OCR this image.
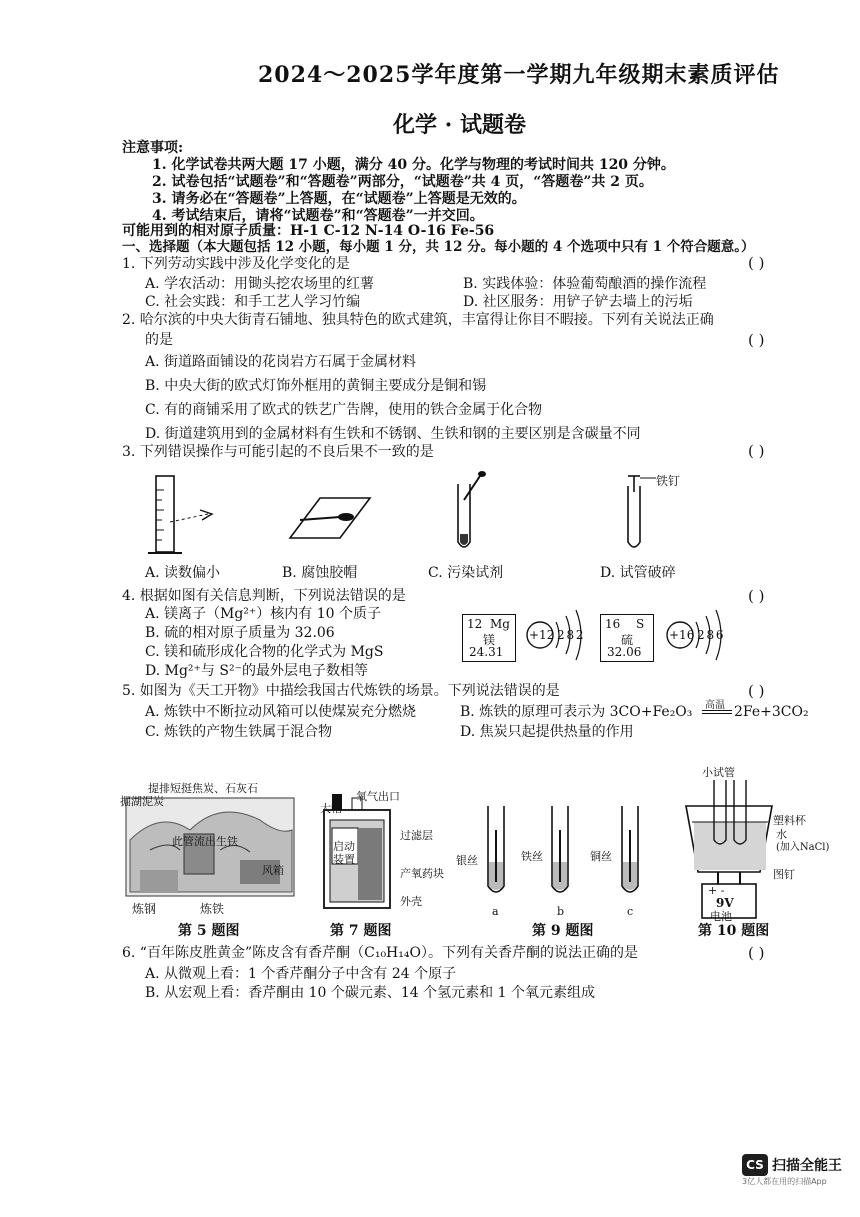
2024～2025学年度第一学期九年级期末素质评估
化学 · 试题卷
注意事项:
1. 化学试卷共两大题 17 小题，满分 40 分。化学与物理的考试时间共 120 分钟。
2. 试卷包括“试题卷”和“答题卷”两部分，“试题卷”共 4 页，“答题卷”共 2 页。
3. 请务必在“答题卷”上答题，在“试题卷”上答题是无效的。
4. 考试结束后，请将“试题卷”和“答题卷”一并交回。
可能用到的相对原子质量：H-1 C-12 N-14 O-16 Fe-56
一、选择题（本大题包括 12 小题，每小题 1 分，共 12 分。每小题的 4 个选项中只有 1 个符合题意。）
1. 下列劳动实践中涉及化学变化的是	( )
A. 学农活动：用锄头挖农场里的红薯	B. 实践体验：体验葡萄酿酒的操作流程
C. 社会实践：和手工艺人学习竹编	D. 社区服务：用铲子铲去墙上的污垢
2. 哈尔滨的中央大街青石铺地、独具特色的欧式建筑，丰富得让你目不暇接。下列有关说法正确
的是	( )
A. 街道路面铺设的花岗岩方石属于金属材料
B. 中央大街的欧式灯饰外框用的黄铜主要成分是铜和锡
C. 有的商铺采用了欧式的铁艺广告牌，使用的铁合金属于化合物
D. 街道建筑用到的金属材料有生铁和不锈钢、生铁和钢的主要区别是含碳量不同
3. 下列错误操作与可能引起的不良后果不一致的是	( )
铁钉
A. 读数偏小	B. 腐蚀胶帽	C. 污染试剂	D. 试管破碎
4. 根据如图有关信息判断，下列说法错误的是	( )
A. 镁离子（Mg²⁺）核内有 10 个质子
B. 硫的相对原子质量为 32.06
C. 镁和硫形成化合物的化学式为 MgS
D. Mg²⁺与 S²⁻的最外层电子数相等
12 Mg
镁
24.31
+12 2 8 2
16 S
硫
32.06
+16 2 8 6
5. 如图为《天工开物》中描绘我国古代炼铁的场景。下列说法错误的是	( )
A. 炼铁中不断拉动风箱可以使煤炭充分燃烧	B. 炼铁的原理可表示为 3CO+Fe₂O₃ 高温 2Fe+3CO₂
C. 炼铁的产物生铁属于混合物	D. 焦炭只起提供热量的作用
掘湖泥炭
提排短挺焦炭、石灰石
此管流出生铁
风箱
炼钢	炼铁
第 5 题图
氧气出口
大帽
过滤层
启动装置
产氧药块
外壳
第 7 题图
银丝	铁丝	铜丝
a	b	c
第 9 题图
小试管
塑料杯
水
(加入NaCl)
图钉
+ -
9V
电池
第 10 题图
6. “百年陈皮胜黄金”陈皮含有香芹酮（C₁₀H₁₄O）。下列有关香芹酮的说法正确的是	( )
A. 从微观上看：1 个香芹酮分子中含有 24 个原子
B. 从宏观上看：香芹酮由 10 个碳元素、14 个氢元素和 1 个氧元素组成
CS 扫描全能王
3亿人都在用的扫描App
